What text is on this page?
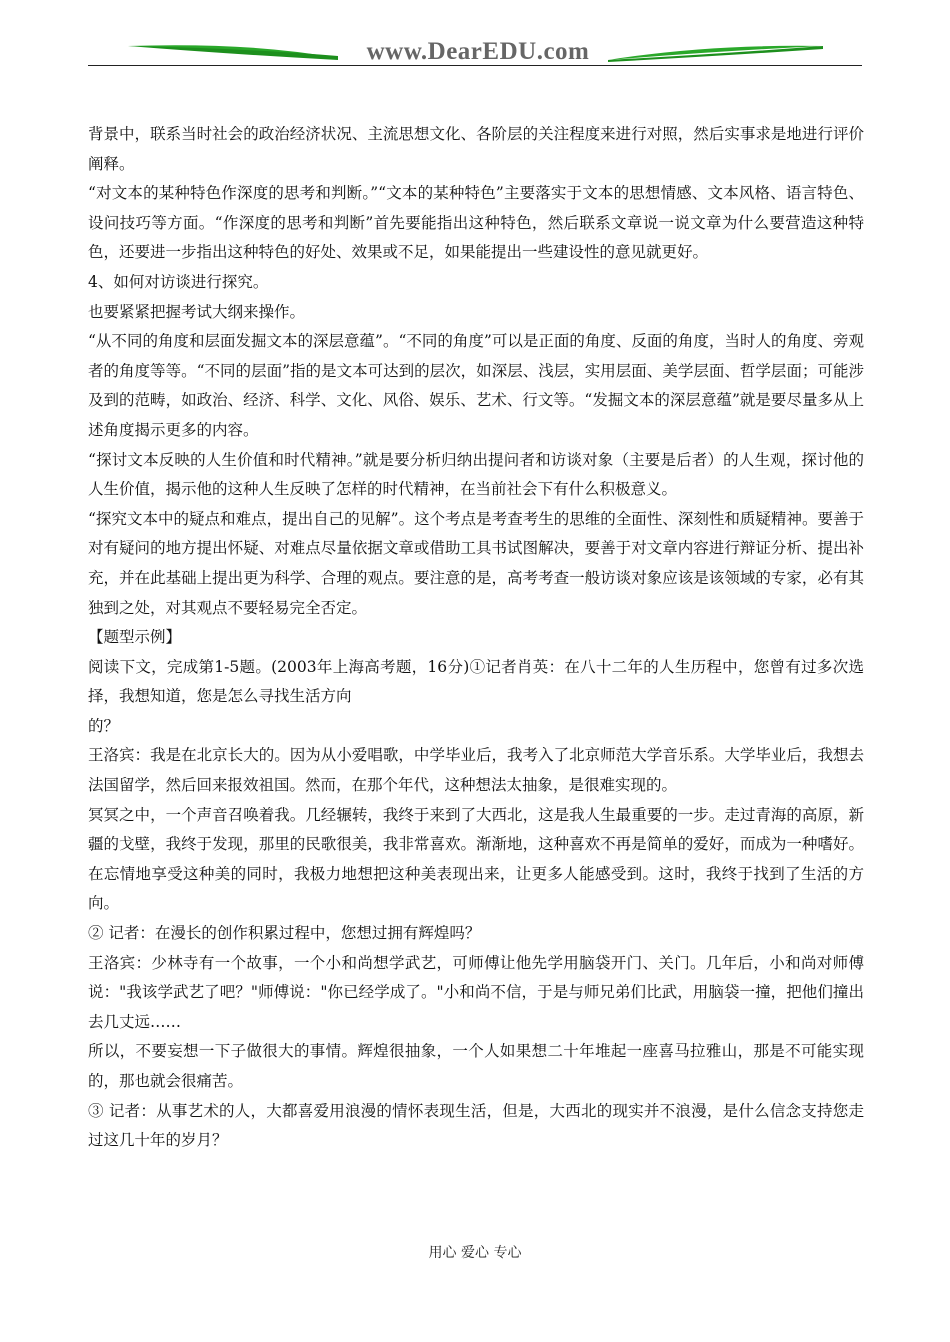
www.DearEDU.com

背景中，联系当时社会的政治经济状况、主流思想文化、各阶层的关注程度来进行对照，然后实事求是地进行评价阐释。

“对文本的某种特色作深度的思考和判断。”“文本的某种特色”主要落实于文本的思想情感、文本风格、语言特色、设问技巧等方面。“作深度的思考和判断”首先要能指出这种特色，然后联系文章说一说文章为什么要营造这种特色，还要进一步指出这种特色的好处、效果或不足，如果能提出一些建设性的意见就更好。

4、如何对访谈进行探究。

也要紧紧把握考试大纲来操作。

“从不同的角度和层面发掘文本的深层意蕴”。“不同的角度”可以是正面的角度、反面的角度，当时人的角度、旁观者的角度等等。“不同的层面”指的是文本可达到的层次，如深层、浅层，实用层面、美学层面、哲学层面；可能涉及到的范畴，如政治、经济、科学、文化、风俗、娱乐、艺术、行文等。“发掘文本的深层意蕴”就是要尽量多从上述角度揭示更多的内容。

“探讨文本反映的人生价值和时代精神。”就是要分析归纳出提问者和访谈对象（主要是后者）的人生观，探讨他的人生价值，揭示他的这种人生反映了怎样的时代精神，在当前社会下有什么积极意义。

“探究文本中的疑点和难点，提出自己的见解”。这个考点是考查考生的思维的全面性、深刻性和质疑精神。要善于对有疑问的地方提出怀疑、对难点尽量依据文章或借助工具书试图解决，要善于对文章内容进行辩证分析、提出补充，并在此基础上提出更为科学、合理的观点。要注意的是，高考考查一般访谈对象应该是该领域的专家，必有其独到之处，对其观点不要轻易完全否定。

【题型示例】

阅读下文，完成第1-5题。(2003年上海高考题，16分)①记者肖英：在八十二年的人生历程中，您曾有过多次选择，我想知道，您是怎么寻找生活方向

的？

王洛宾：我是在北京长大的。因为从小爱唱歌，中学毕业后，我考入了北京师范大学音乐系。大学毕业后，我想去法国留学，然后回来报效祖国。然而，在那个年代，这种想法太抽象，是很难实现的。

冥冥之中，一个声音召唤着我。几经辗转，我终于来到了大西北，这是我人生最重要的一步。走过青海的高原，新疆的戈壁，我终于发现，那里的民歌很美，我非常喜欢。渐渐地，这种喜欢不再是简单的爱好，而成为一种嗜好。在忘情地享受这种美的同时，我极力地想把这种美表现出来，让更多人能感受到。这时，我终于找到了生活的方向。

② 记者：在漫长的创作积累过程中，您想过拥有辉煌吗？

王洛宾：少林寺有一个故事，一个小和尚想学武艺，可师傅让他先学用脑袋开门、关门。几年后，小和尚对师傅说："我该学武艺了吧？"师傅说："你已经学成了。"小和尚不信，于是与师兄弟们比武，用脑袋一撞，把他们撞出去几丈远……

所以，不要妄想一下子做很大的事情。辉煌很抽象，一个人如果想二十年堆起一座喜马拉雅山，那是不可能实现的，那也就会很痛苦。

③ 记者：从事艺术的人，大都喜爱用浪漫的情怀表现生活，但是，大西北的现实并不浪漫，是什么信念支持您走过这几十年的岁月？

用心 爱心 专心
